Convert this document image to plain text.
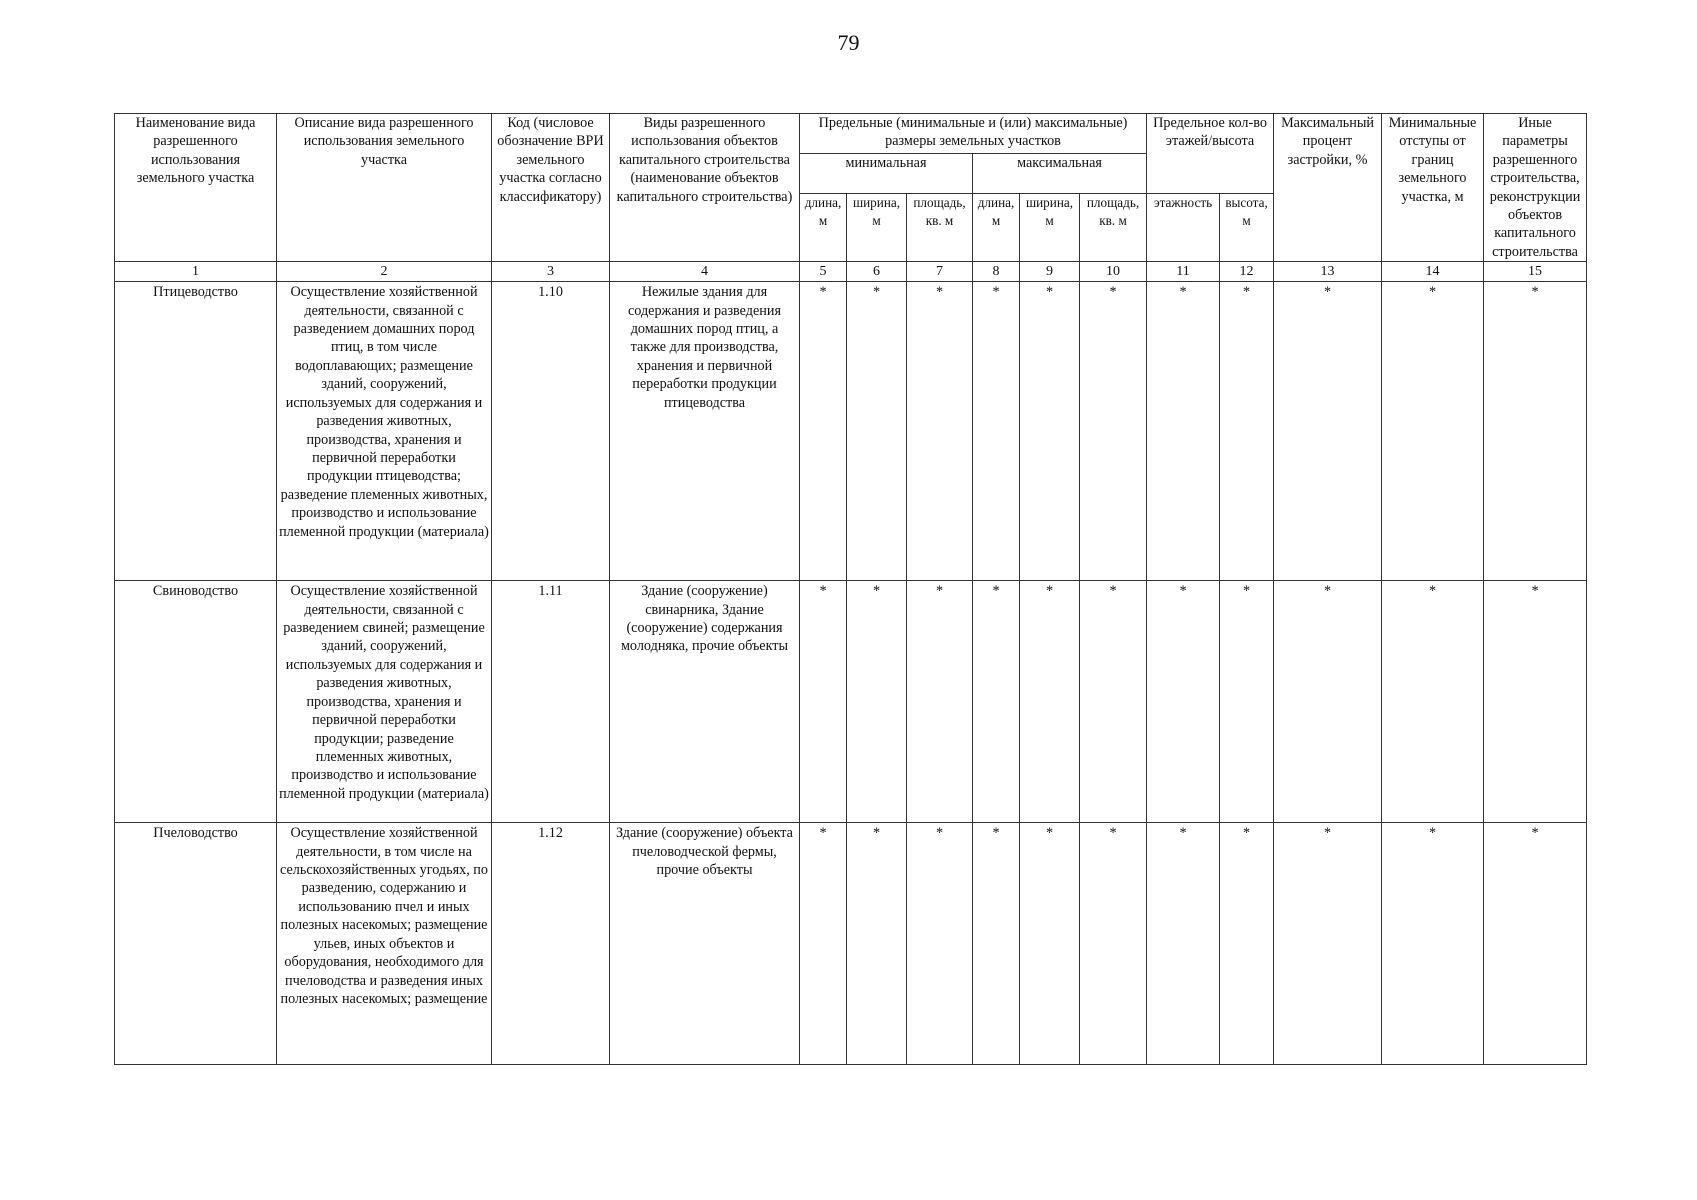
79
Наименование вида разрешенного использования земельного участка	Описание вида разрешенного использования земельного участка	Код (числовое обозначение ВРИ земельного участка согласно классификатору)	Виды разрешенного использования объектов капитального строительства (наименование объектов капитального строительства)	Предельные (минимальные и (или) максимальные) размеры земельных участков						Предельное кол-во этажей/высота		Максимальный процент застройки, %	Минимальные отступы от границ земельного участка, м	Иные параметры разрешенного строительства, реконструкции объектов капитального строительства
				минимальная			максимальная							
				длина, м	ширина, м	площадь, кв. м	длина, м	ширина, м	площадь, кв. м	этажность	высота, м			
1	2	3	4	5	6	7	8	9	10	11	12	13	14	15
Птицеводство	Осуществление хозяйственной деятельности, связанной с разведением домашних пород птиц, в том числе водоплавающих; размещение зданий, сооружений, используемых для содержания и разведения животных, производства, хранения и первичной переработки продукции птицеводства; разведение племенных животных, производство и использование племенной продукции (материала)	1.10	Нежилые здания для содержания и разведения домашних пород птиц, а также для производства, хранения и первичной переработки продукции птицеводства	*	*	*	*	*	*	*	*	*	*	*
Свиноводство	Осуществление хозяйственной деятельности, связанной с разведением свиней; размещение зданий, сооружений, используемых для содержания и разведения животных, производства, хранения и первичной переработки продукции; разведение племенных животных, производство и использование племенной продукции (материала)	1.11	Здание (сооружение) свинарника, Здание (сооружение) содержания молодняка, прочие объекты	*	*	*	*	*	*	*	*	*	*	*
Пчеловодство	Осуществление хозяйственной деятельности, в том числе на сельскохозяйственных угодьях, по разведению, содержанию и использованию пчел и иных полезных насекомых; размещение ульев, иных объектов и оборудования, необходимого для пчеловодства и разведения иных полезных насекомых; размещение	1.12	Здание (сооружение) объекта пчеловодческой фермы, прочие объекты	*	*	*	*	*	*	*	*	*	*	*
